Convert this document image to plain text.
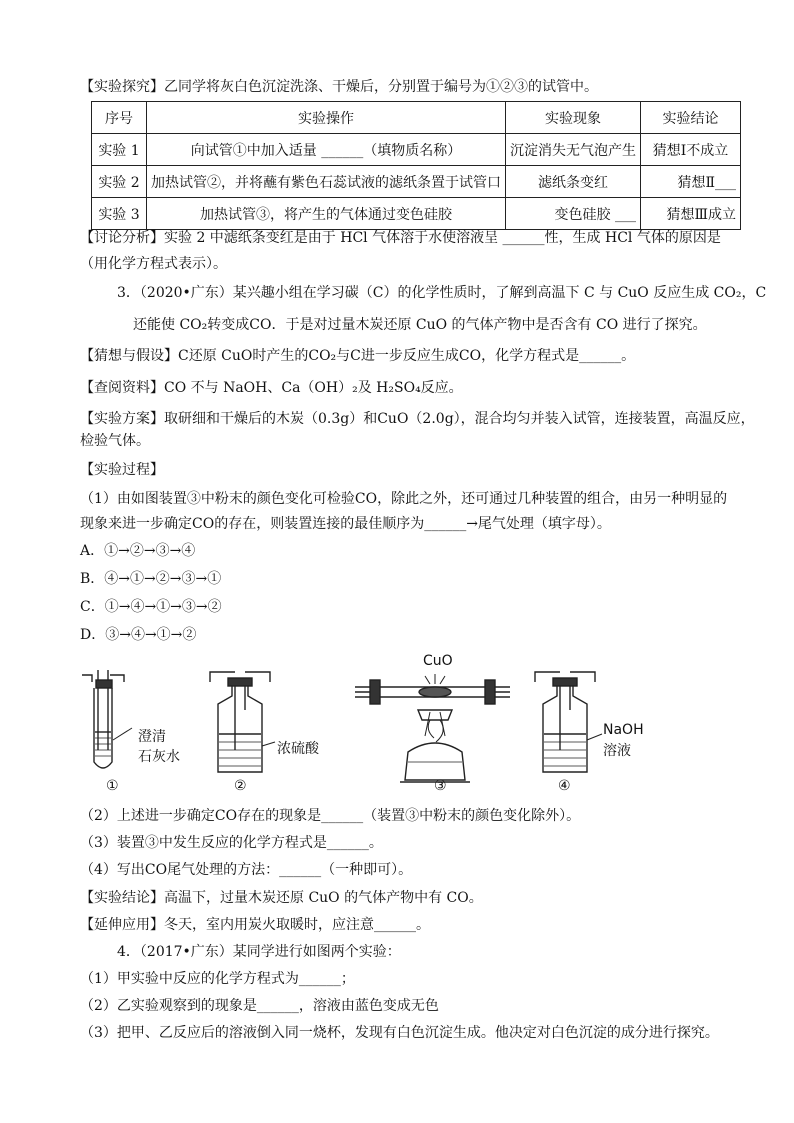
【实验探究】乙同学将灰白色沉淀洗涤、干燥后，分别置于编号为①②③的试管中。
序号	实验操作	实验现象	实验结论
实验 1	向试管①中加入适量 ______（填物质名称）	沉淀消失无气泡产生	猜想Ⅰ不成立
实验 2	加热试管②，并将蘸有紫色石蕊试液的滤纸条置于试管口	滤纸条变红	猜想Ⅱ___
实验 3	加热试管③，将产生的气体通过变色硅胶	变色硅胶 ___	猜想Ⅲ成立
【讨论分析】实验 2 中滤纸条变红是由于 HCl 气体溶于水使溶液呈 ______性，生成 HCl 气体的原因是
（用化学方程式表示）。
3．（2020•广东）某兴趣小组在学习碳（C）的化学性质时，了解到高温下 C 与 CuO 反应生成 CO₂，C
还能使 CO₂转变成CO．于是对过量木炭还原 CuO 的气体产物中是否含有 CO 进行了探究。
【猜想与假设】C还原 CuO时产生的CO₂与C进一步反应生成CO，化学方程式是______。
【查阅资料】CO 不与 NaOH、Ca（OH）₂及 H₂SO₄反应。
【实验方案】取研细和干燥后的木炭（0.3g）和CuO（2.0g），混合均匀并装入试管，连接装置，高温反应，
检验气体。
【实验过程】
（1）由如图装置③中粉末的颜色变化可检验CO，除此之外，还可通过几种装置的组合，由另一种明显的
现象来进一步确定CO的存在，则装置连接的最佳顺序为______→尾气处理（填字母）。
A．①→②→③→④
B．④→①→②→③→①
C．①→④→①→③→②
D．③→④→①→②
澄清
石灰水	浓硫酸
CuO
NaOH
溶液
①	②	③	④
（2）上述进一步确定CO存在的现象是______（装置③中粉末的颜色变化除外）。
（3）装置③中发生反应的化学方程式是______。
（4）写出CO尾气处理的方法：______（一种即可）。
【实验结论】高温下，过量木炭还原 CuO 的气体产物中有 CO。
【延伸应用】冬天，室内用炭火取暖时，应注意______。
4．（2017•广东）某同学进行如图两个实验：
（1）甲实验中反应的化学方程式为______；
（2）乙实验观察到的现象是______，溶液由蓝色变成无色
（3）把甲、乙反应后的溶液倒入同一烧杯，发现有白色沉淀生成。他决定对白色沉淀的成分进行探究。
